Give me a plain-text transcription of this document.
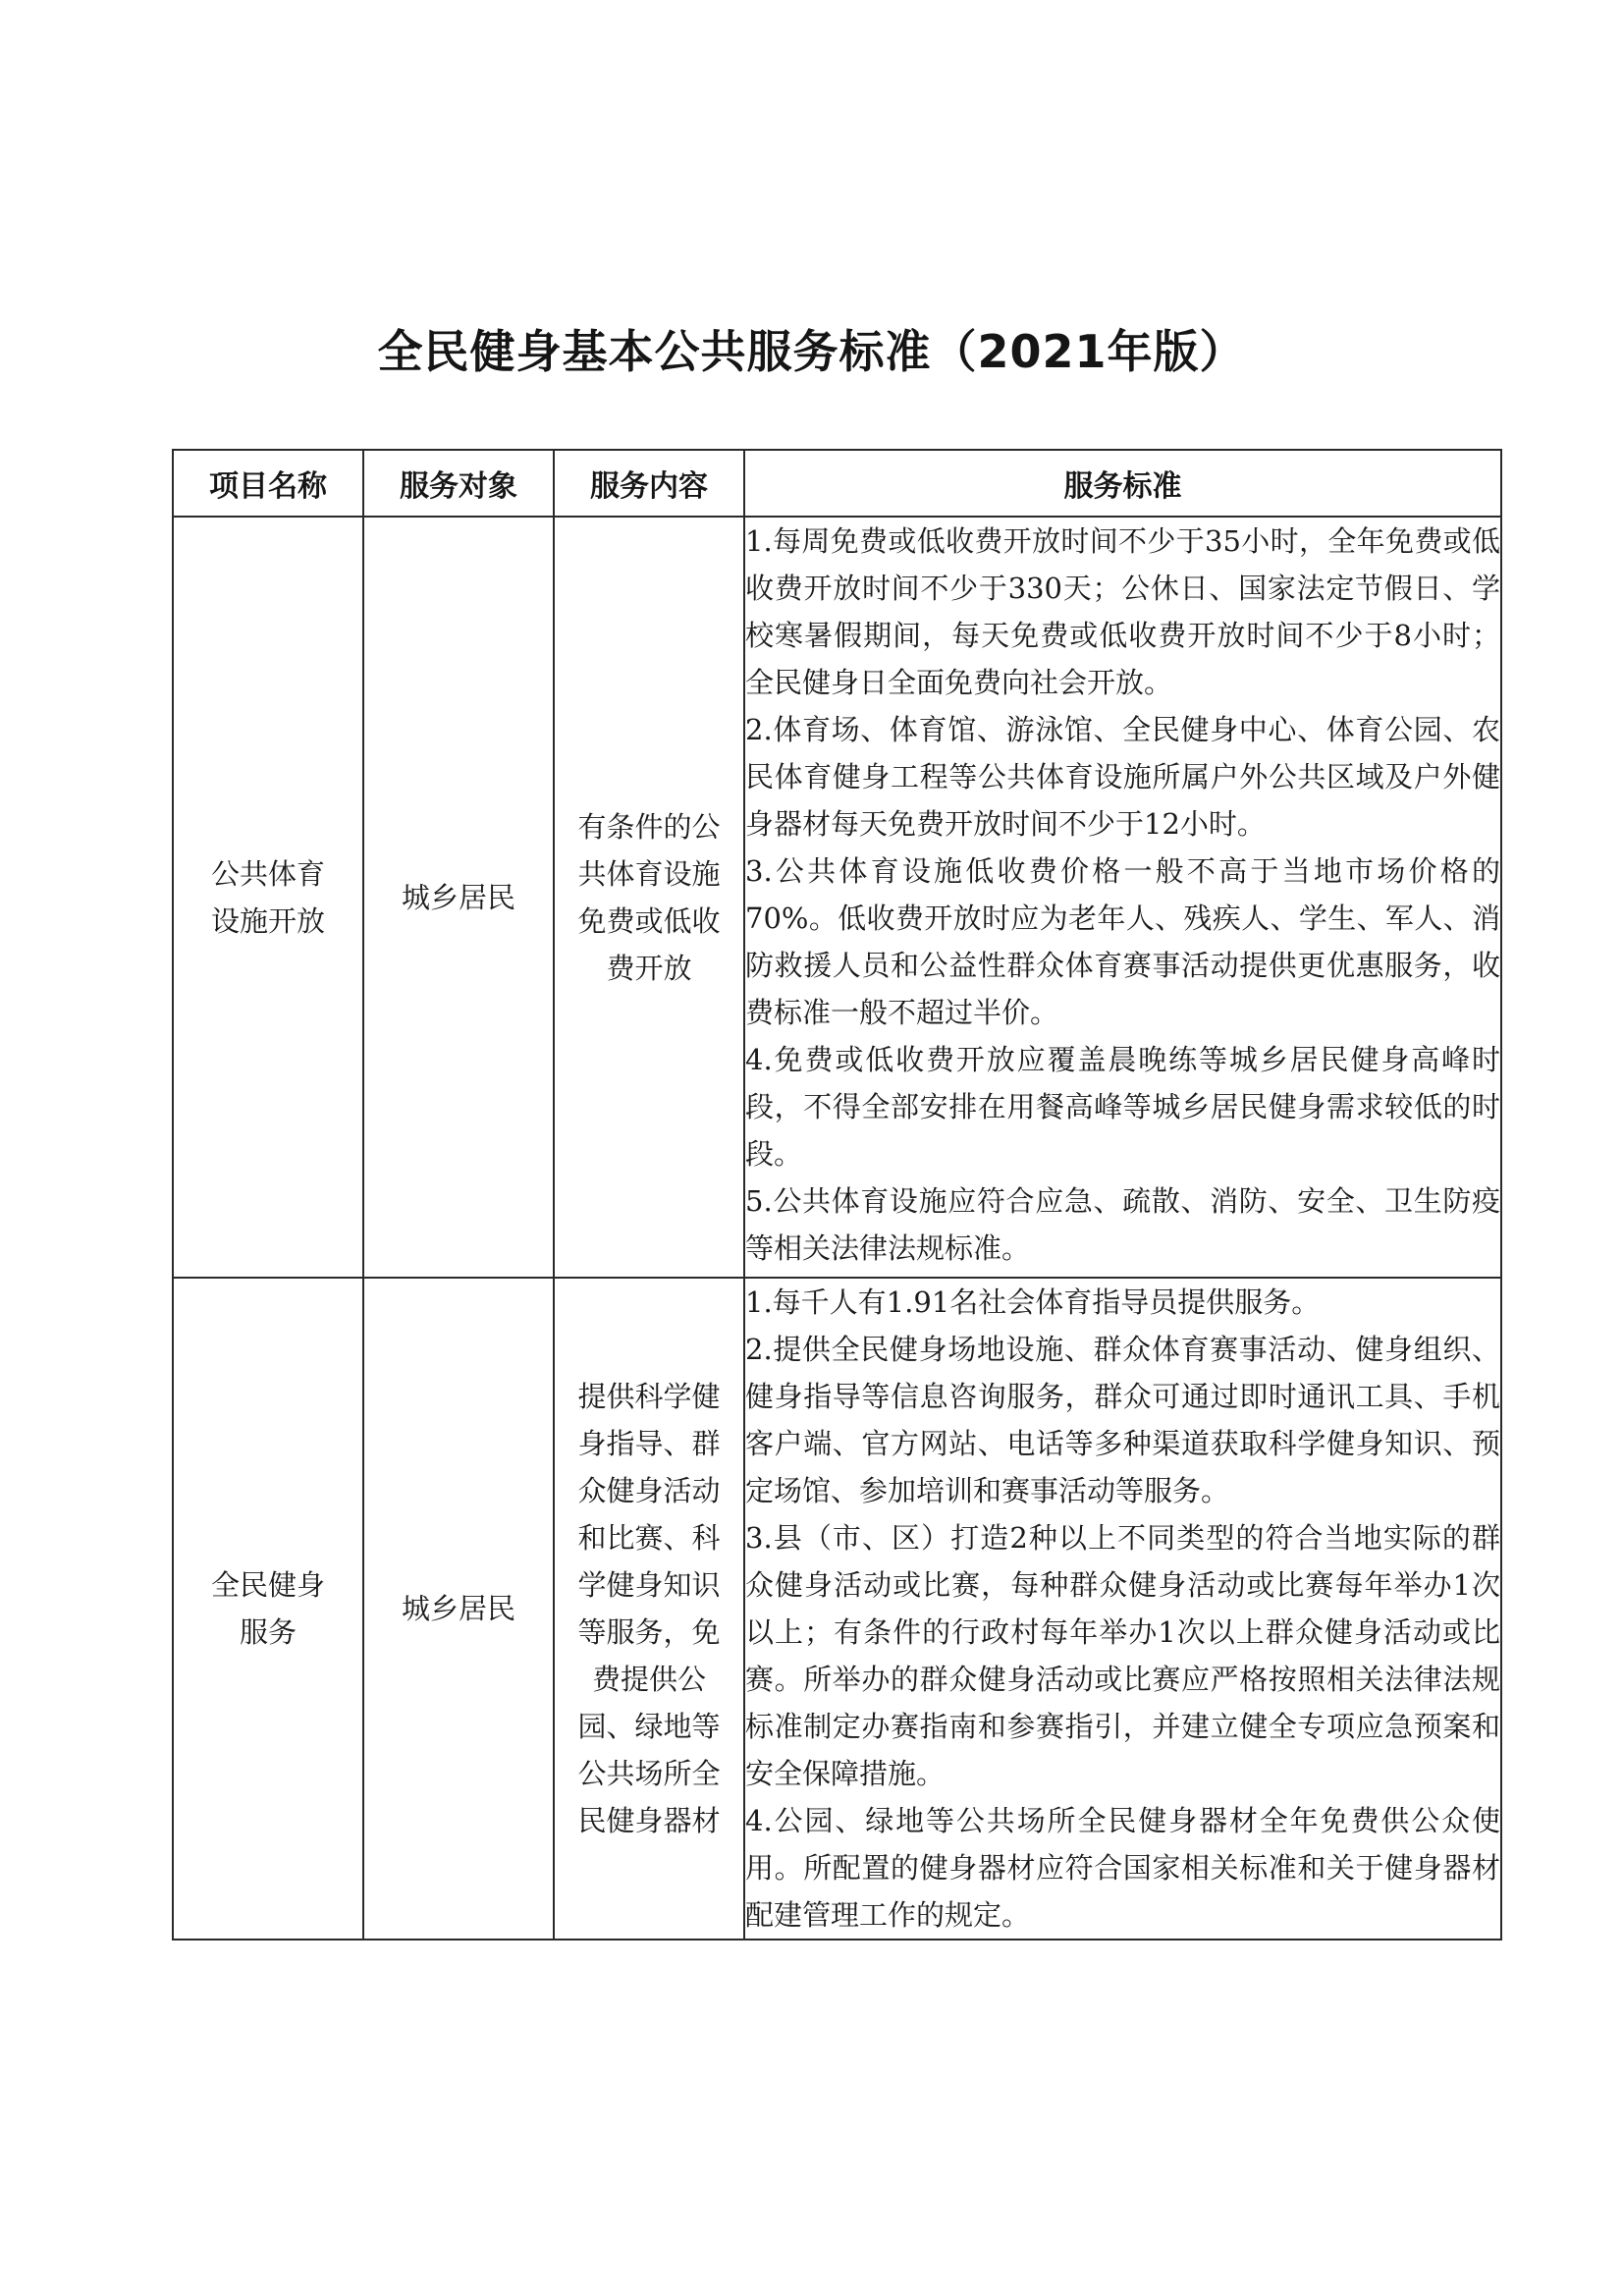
全民健身基本公共服务标准（2021年版）
项目名称	服务对象	服务内容	服务标准
公共体育设施开放	城乡居民	有条件的公共体育设施免费或低收费开放	1.每周免费或低收费开放时间不少于35小时，全年免费或低收费开放时间不少于330天；公休日、国家法定节假日、学校寒暑假期间，每天免费或低收费开放时间不少于8小时；全民健身日全面免费向社会开放。

2.体育场、体育馆、游泳馆、全民健身中心、体育公园、农民体育健身工程等公共体育设施所属户外公共区域及户外健身器材每天免费开放时间不少于12小时。

3.公共体育设施低收费价格一般不高于当地市场价格的70%。低收费开放时应为老年人、残疾人、学生、军人、消防救援人员和公益性群众体育赛事活动提供更优惠服务，收费标准一般不超过半价。

4.免费或低收费开放应覆盖晨晚练等城乡居民健身高峰时段，不得全部安排在用餐高峰等城乡居民健身需求较低的时段。

5.公共体育设施应符合应急、疏散、消防、安全、卫生防疫等相关法律法规标准。

全民健身服务	城乡居民	提供科学健身指导、群众健身活动和比赛、科学健身知识等服务，免费提供公园、绿地等公共场所全民健身器材	1.每千人有1.91名社会体育指导员提供服务。

2.提供全民健身场地设施、群众体育赛事活动、健身组织、健身指导等信息咨询服务，群众可通过即时通讯工具、手机客户端、官方网站、电话等多种渠道获取科学健身知识、预定场馆、参加培训和赛事活动等服务。

3.县（市、区）打造2种以上不同类型的符合当地实际的群众健身活动或比赛，每种群众健身活动或比赛每年举办1次以上；有条件的行政村每年举办1次以上群众健身活动或比赛。所举办的群众健身活动或比赛应严格按照相关法律法规标准制定办赛指南和参赛指引，并建立健全专项应急预案和安全保障措施。

4.公园、绿地等公共场所全民健身器材全年免费供公众使用。所配置的健身器材应符合国家相关标准和关于健身器材配建管理工作的规定。
